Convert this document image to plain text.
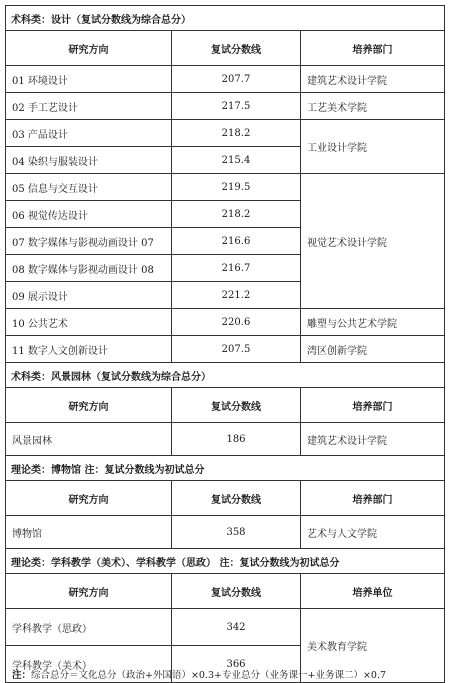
术科类：设计（复试分数线为综合总分）		
研究方向	复试分数线	培养部门
01 环境设计	207.7	建筑艺术设计学院
02 手工艺设计	217.5	工艺美术学院
03 产品设计	218.2	工业设计学院
04 染织与服装设计	215.4	
05 信息与交互设计	219.5	视觉艺术设计学院
06 视觉传达设计	218.2	
07 数字媒体与影视动画设计 07	216.6	
08 数字媒体与影视动画设计 08	216.7	
09 展示设计	221.2	
10 公共艺术	220.6	雕塑与公共艺术学院
11 数字人文创新设计	207.5	湾区创新学院
术科类：风景园林（复试分数线为综合总分）		
研究方向	复试分数线	培养部门
风景园林	186	建筑艺术设计学院
理论类：博物馆 注：复试分数线为初试总分		
研究方向	复试分数线	培养部门
博物馆	358	艺术与人文学院
理论类：学科教学（美术）、学科教学（思政） 注：复试分数线为初试总分		
研究方向	复试分数线	培养单位
学科教学（思政）	342	美术教育学院
学科教学（美术）	366	
注：综合总分＝文化总分（政治+外国语）×0.3+专业总分（业务课一+业务课二）×0.7
